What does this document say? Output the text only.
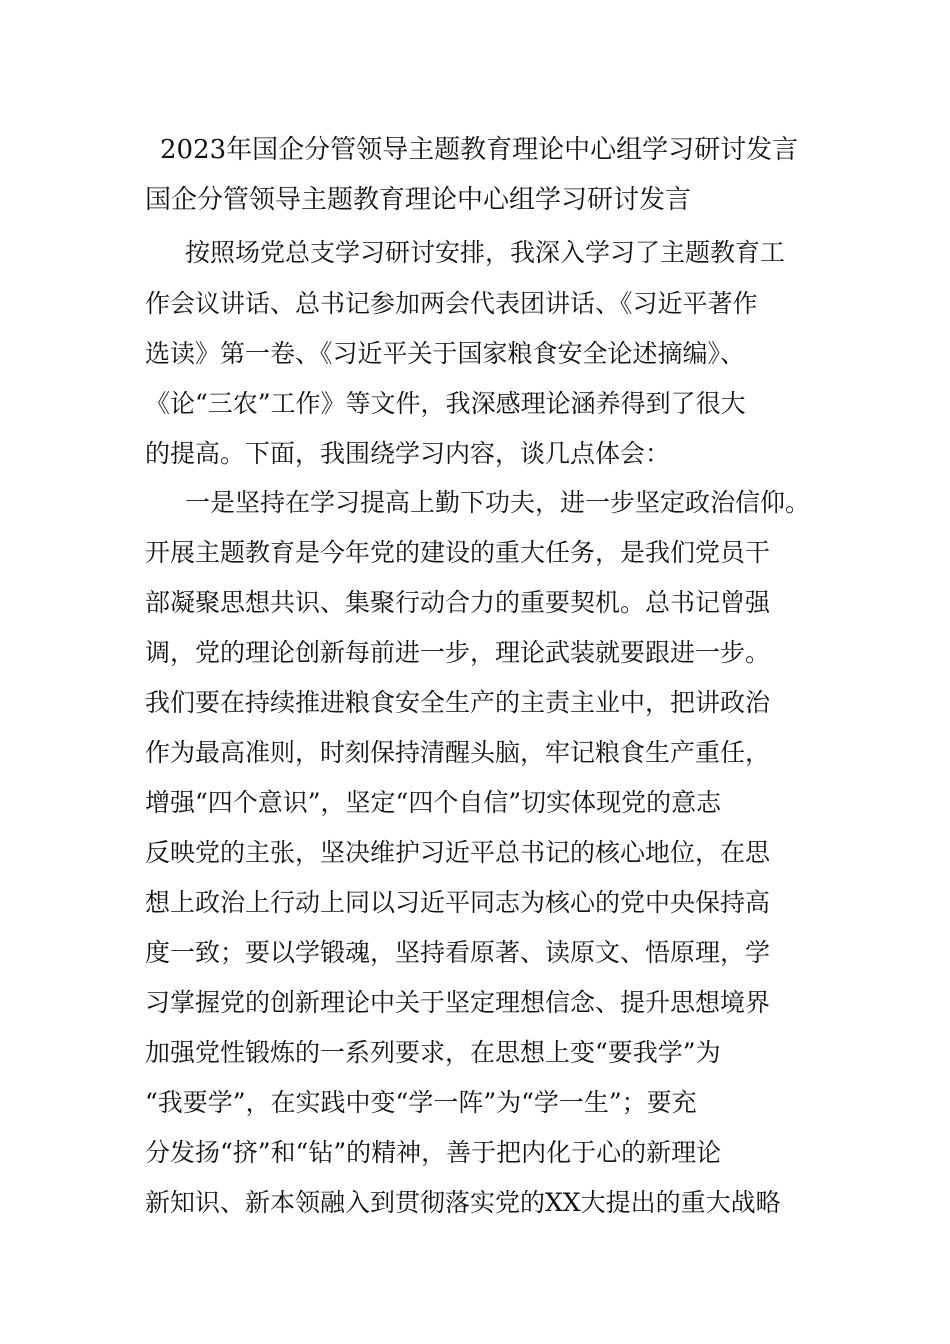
2023年国企分管领导主题教育理论中心组学习研讨发言

国企分管领导主题教育理论中心组学习研讨发言

按照场党总支学习研讨安排，我深入学习了主题教育工

作会议讲话、总书记参加两会代表团讲话、《习近平著作

选读》第一卷、《习近平关于国家粮食安全论述摘编》、

《论“三农”工作》等文件，我深感理论涵养得到了很大

的提高。下面，我围绕学习内容，谈几点体会：

一是坚持在学习提高上勤下功夫，进一步坚定政治信仰。

开展主题教育是今年党的建设的重大任务，是我们党员干

部凝聚思想共识、集聚行动合力的重要契机。总书记曾强

调，党的理论创新每前进一步，理论武装就要跟进一步。

我们要在持续推进粮食安全生产的主责主业中，把讲政治

作为最高准则，时刻保持清醒头脑，牢记粮食生产重任，

增强“四个意识”，坚定“四个自信”切实体现党的意志

反映党的主张，坚决维护习近平总书记的核心地位，在思

想上政治上行动上同以习近平同志为核心的党中央保持高

度一致；要以学锻魂，坚持看原著、读原文、悟原理，学

习掌握党的创新理论中关于坚定理想信念、提升思想境界

加强党性锻炼的一系列要求，在思想上变“要我学”为

“我要学”，在实践中变“学一阵”为“学一生”；要充

分发扬“挤”和“钻”的精神，善于把内化于心的新理论

新知识、新本领融入到贯彻落实党的XX大提出的重大战略
